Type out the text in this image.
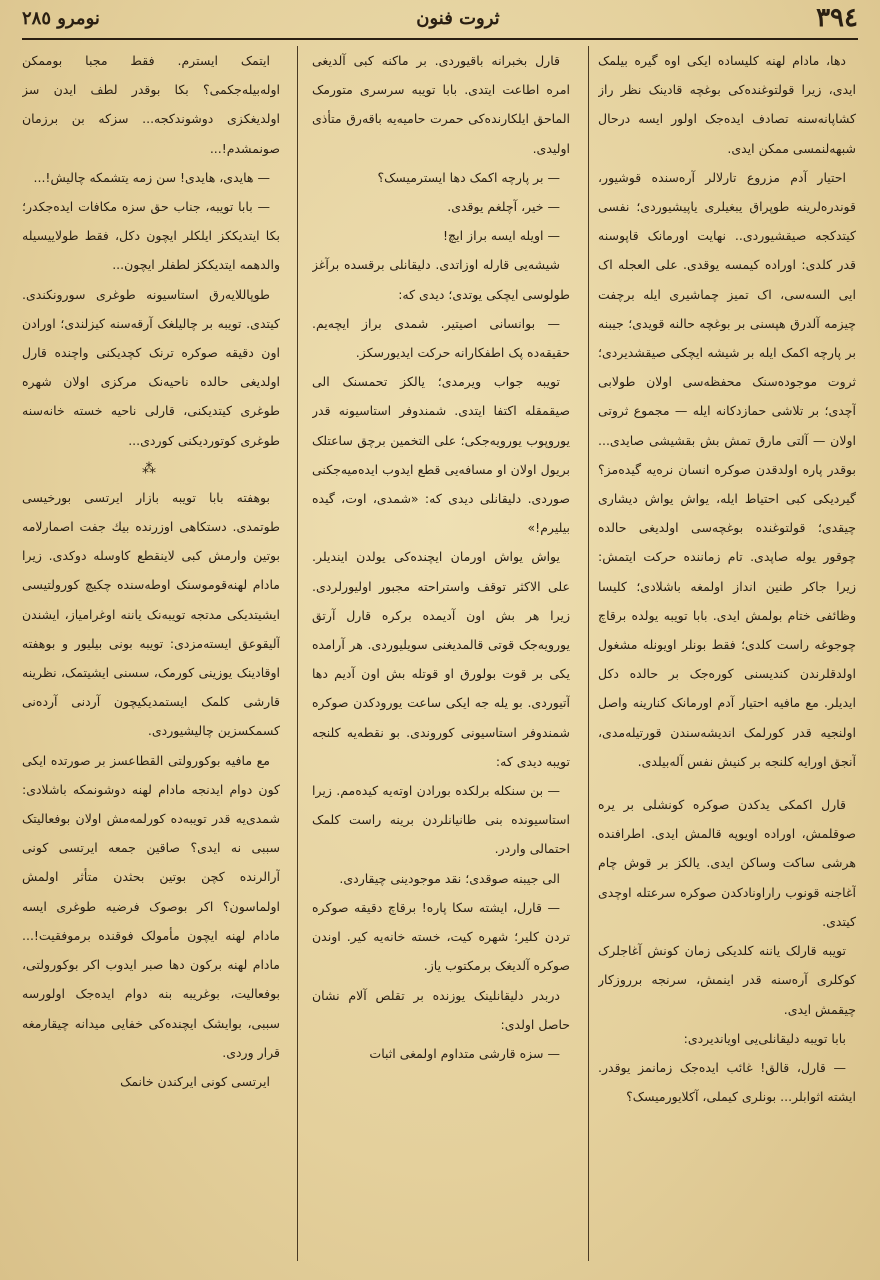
٣٩٤
ثروت فنون
نومرو ٢٨٥

دها، مادام لهنه کلیساده ایکی اوه گیره بیلمک ایدی، زیرا قولتوغنده‌کی بوغچه قادینک نظر راز کشاپانه‌سنه تصادف ایده‌جک اولور ایسه درحال شبهه‌لنمسی ممکن ایدی.

احتیار آدم مزروع تارلالر آره‌سنده قوشیور، قوندره‌لرینه طوپراق یبغیلری یاپیشیوردی؛ نفسی کیتدکجه صیقشیوردی.. نهایت اورمانک قاپوسنه قدر کلدی: اوراده کیمسه یوقدی. علی العجله اک ایی السه‌سی، اک تمیز چماشیری ایله برچفت چیزمه آلدرق هپسنی بر بوغچه حالنه قویدی؛ جیبنه بر پارچه اکمک ایله بر شیشه ایچکی صیقشدیردی؛ ثروت موجوده‌سنک محفظه‌سی اولان طولابی آچدی؛ بر تلاشی حمازدکانه ایله — مجموع ثروتی اولان — آلتی مارق تمش بش بقشیشی صایدی... بوقدر پاره اولدقدن صوکره انسان نره‌یه گیده‌مز؟ گیردیکی کبی احتیاط ایله، یواش یواش دیشاری چیقدی؛ قولتوغنده بوغچه‌سی اولدیغی حالده چوقور یوله صاپدی. تام زماننده حرکت ایتمش: زیرا جاکر طنین انداز اولمغه باشلادی؛ کلیسا وظائفی ختام بولمش ایدی. بابا تویبه یولده برقاچ چوجوغه راست کلدی؛ فقط بونلر اویونله مشغول اولدقلرندن کندیسنی کوره‌جک بر حالده دکل ایدیلر. مع مافیه احتیار آدم اورمانک کنارینه واصل اولنجیه قدر کورلمک اندیشه‌سندن قورتیله‌مدی، آنجق اورایه کلنجه بر کنیش نفس آله‌بیلدی.

قارل اکمکی یدکدن صوکره کونشلی بر یره صوقلمش، اوراده اویوپه قالمش ایدی. اطرافنده هرشی ساکت وساکن ایدی. یالکز بر قوش چام آغاجنه قونوب راراونادکدن صوکره سرعتله اوچدی کیتدی.

تویبه قارلک یاننه کلدیکی زمان کونش آغاجلرک کوکلری آره‌سنه قدر اینمش، سرنجه برروزکار چیقمش ایدی.

بابا تویبه دلیقانلی‌یی اویاندیردی:

— قارل، قالق! غائب ایده‌جک زمانمز یوقدر. ایشته اثوابلر... بونلری کیملی، آکلایورمیسک؟

قارل بخبرانه باقیوردی. بر ماکنه کبی آلدیغی امره اطاعت ایتدی. بابا تویبه سرسری متورمک الماحق ایلکارنده‌کی حمرت حامیه‌یه باقه‌رق متأذی اولیدی.

— بر پارچه اکمک دها ایسترمیسک؟

— خیر، آچلغم یوقدی.

— اویله ایسه براز ایچ!

شیشه‌یی قارله اوزاتدی. دلیقانلی برقسده برآغز طولوسی ایچکی یوتدی؛ دیدی که:

— بوانسانی اصیتیر. شمدی براز ایچه‌یم. حقیقه‌ده پک اطفکارانه حرکت ایدیورسکز.

تویبه جواب ویرمدی؛ یالکز تحمسنک الی صیقمقله اکتفا ایتدی. شمندوفر استاسیونه قدر یوروپوب یورویه‌جکی؛ علی التخمین برچق ساعتلک بریول اولان او مسافه‌یی قطع ایدوب ایده‌میه‌جکنی صوردی. دلیقانلی دیدی که: «شمدی، اوت، گیده بیلیرم!»

یواش یواش اورمان ایچنده‌کی یولدن ایندیلر. علی الاکثر توقف واستراحته مجبور اولیورلردی. زیرا هر بش اون آدیمده برکره قارل آرتق یورویه‌جک قوتی قالمدیغنی سویلیوردی. هر آرامده یکی بر قوت بولورق او قوتله بش اون آدیم دها آتیوردی. بو یله جه ایکی ساعت یورودکدن صوکره شمندوفر استاسیونی کوروندی. بو نقطه‌یه کلنجه تویبه دیدی که:

— بن سنکله برلکده بورادن اوته‌یه کیده‌مم. زیرا استاسیونده بنی طانیانلردن برینه راست کلمک احتمالی واردر.

الی جیبنه صوقدی؛ نقد موجودینی چیقاردی.

— قارل، ایشته سکا پاره! برقاچ دقیقه صوکره تردن کلیر؛ شهره کیت، خسته خانه‌یه کیر. اوندن صوکره آلدیغک برمکتوب یاز.

دربدر دلیقانلینک یوزنده بر تقلص آلام نشان حاصل اولدی:

— سزه قارشی متداوم اولمغی اثبات

ایتمک ایسترم. فقط مجبا بوممکن اوله‌بیله‌جکمی؟ بکا بوقدر لطف ایدن سز اولدیغکزی دوشوندکجه... سزکه بن برزمان صونمشدم!...

— هایدی، هایدی! سن زمه یتشمکه چالیش!...

— بابا تویبه، جناب حق سزه مکافات ایده‌جکدر؛ بکا ایتدیککز ایلکلر ایچون دکل، فقط طولاییسیله والدهمه ایتدیککز لطفلر ایچون...

طوپاللایه‌رق استاسیونه طوغری سورونکندی. کیتدی. تویبه بر چالیلغک آرقه‌سنه کیزلندی؛ اورادن اون دقیقه صوکره ترنک کچدیکنی واچنده قارل اولدیغی حالده ناحیه‌نک مرکزی اولان شهره طوغری کیتدیکنی، قارلی ناحیه خسته خانه‌سنه طوغری کوتوردیکنی کوردی...

⁂

بوهفته بابا تویبه بازار ایرتسی بورخیسی طوتمدی. دستکاهی اوزرنده بیك جفت اصمارلامه بوتین وارمش کبی لاینقطع کاوسله دوکدی. زیرا مادام لهنه‌قوموسنک اوطه‌سنده چکیچ کورولتیسی ایشیتدیکی مدتجه تویبه‌نک یاننه اوغرامیاز، ایشندن آلیقوعق ایسته‌مزدی: تویبه بونی بیلیور و بوهفته اوقادینک یوزینی کورمک، سسنی ایشیتمک، نظرینه قارشی کلمک ایستمدیکیچون آردنی آرده‌نی کسمکسزین چالیشیوردی.

مع مافیه بوکورولتی القطاعسز بر صورتده ایکی کون دوام ایدنجه مادام لهنه دوشونمکه باشلادی: شمدی‌یه قدر تویبه‌ده کورلمه‌مش اولان بوفعالیتک سببی نه ایدی؟ صاقین جمعه ایرتسی کونی آرالرنده کچن بوتین بحثدن متأثر اولمش اولماسون؟ اکر بوصوک فرضیه طوغری ایسه مادام لهنه ایچون مأمولک فوقنده برموفقیت!... مادام لهنه برکون دها صبر ایدوب اکر بوکورولتی، بوفعالیت، بوغریبه بنه دوام ایده‌جک اولورسه سببی، بوایشک ایچنده‌کی خفایی میدانه چیقارمغه قرار وردی.

ایرتسی کونی ایرکندن خانمک
